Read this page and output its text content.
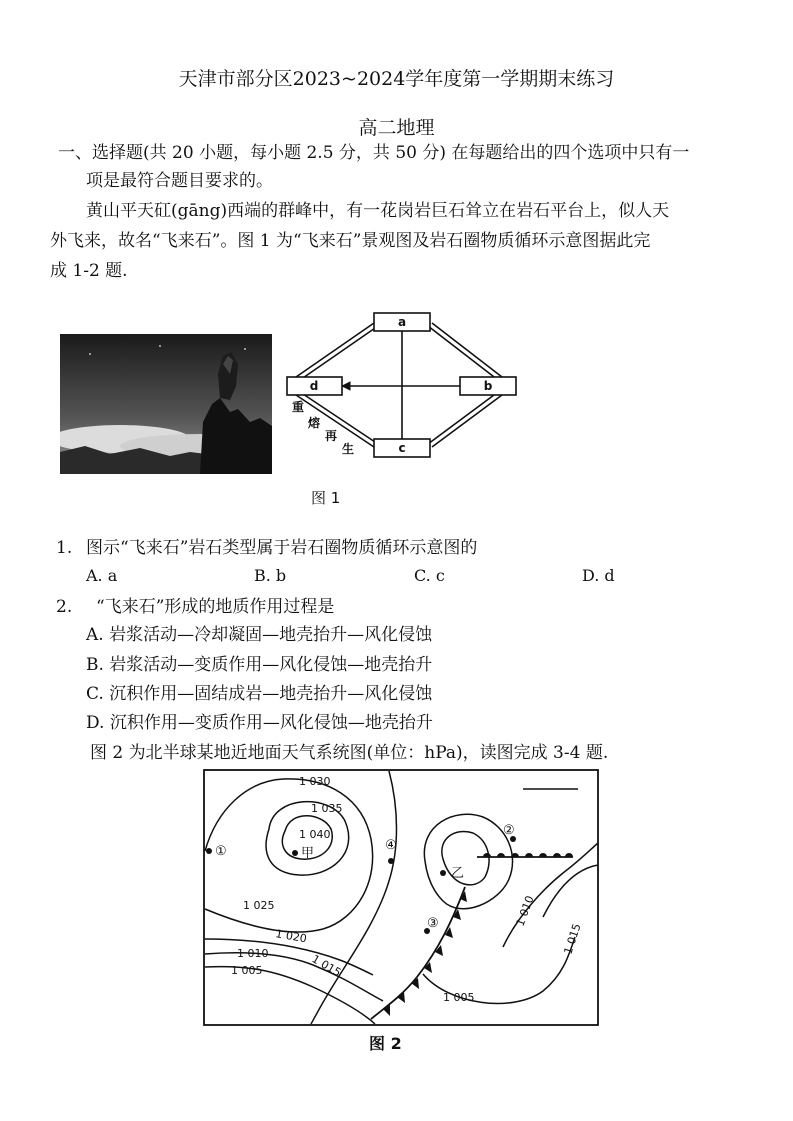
天津市部分区2023~2024学年度第一学期期末练习
高二地理
一、选择题(共 20 小题，每小题 2.5 分，共 50 分) 在每题给出的四个选项中只有一
项是最符合题目要求的。
黄山平天矼(gāng)西端的群峰中，有一花岗岩巨石耸立在岩石平台上，似人天
外飞来，故名“飞来石”。图 1 为“飞来石”景观图及岩石圈物质循环示意图据此完
成 1-2 题.
a
d	b
c
重
熔
再
生
图 1
1. 图示“飞来石”岩石类型属于岩石圈物质循环示意图的
A. a	B. b	C. c	D. d
2. “飞来石”形成的地质作用过程是
A. 岩浆活动—冷却凝固—地壳抬升—风化侵蚀
B. 岩浆活动—变质作用—风化侵蚀—地壳抬升
C. 沉积作用—固结成岩—地壳抬升—风化侵蚀
D. 沉积作用—变质作用—风化侵蚀—地壳抬升
图 2 为北半球某地近地面天气系统图(单位：hPa)，读图完成 3-4 题.
1 030
1 035
1 040
1 025
1 020
1 015
1 010
1 005
1 005
1 010
1 015
甲
乙
①
②
③
④
图 2
